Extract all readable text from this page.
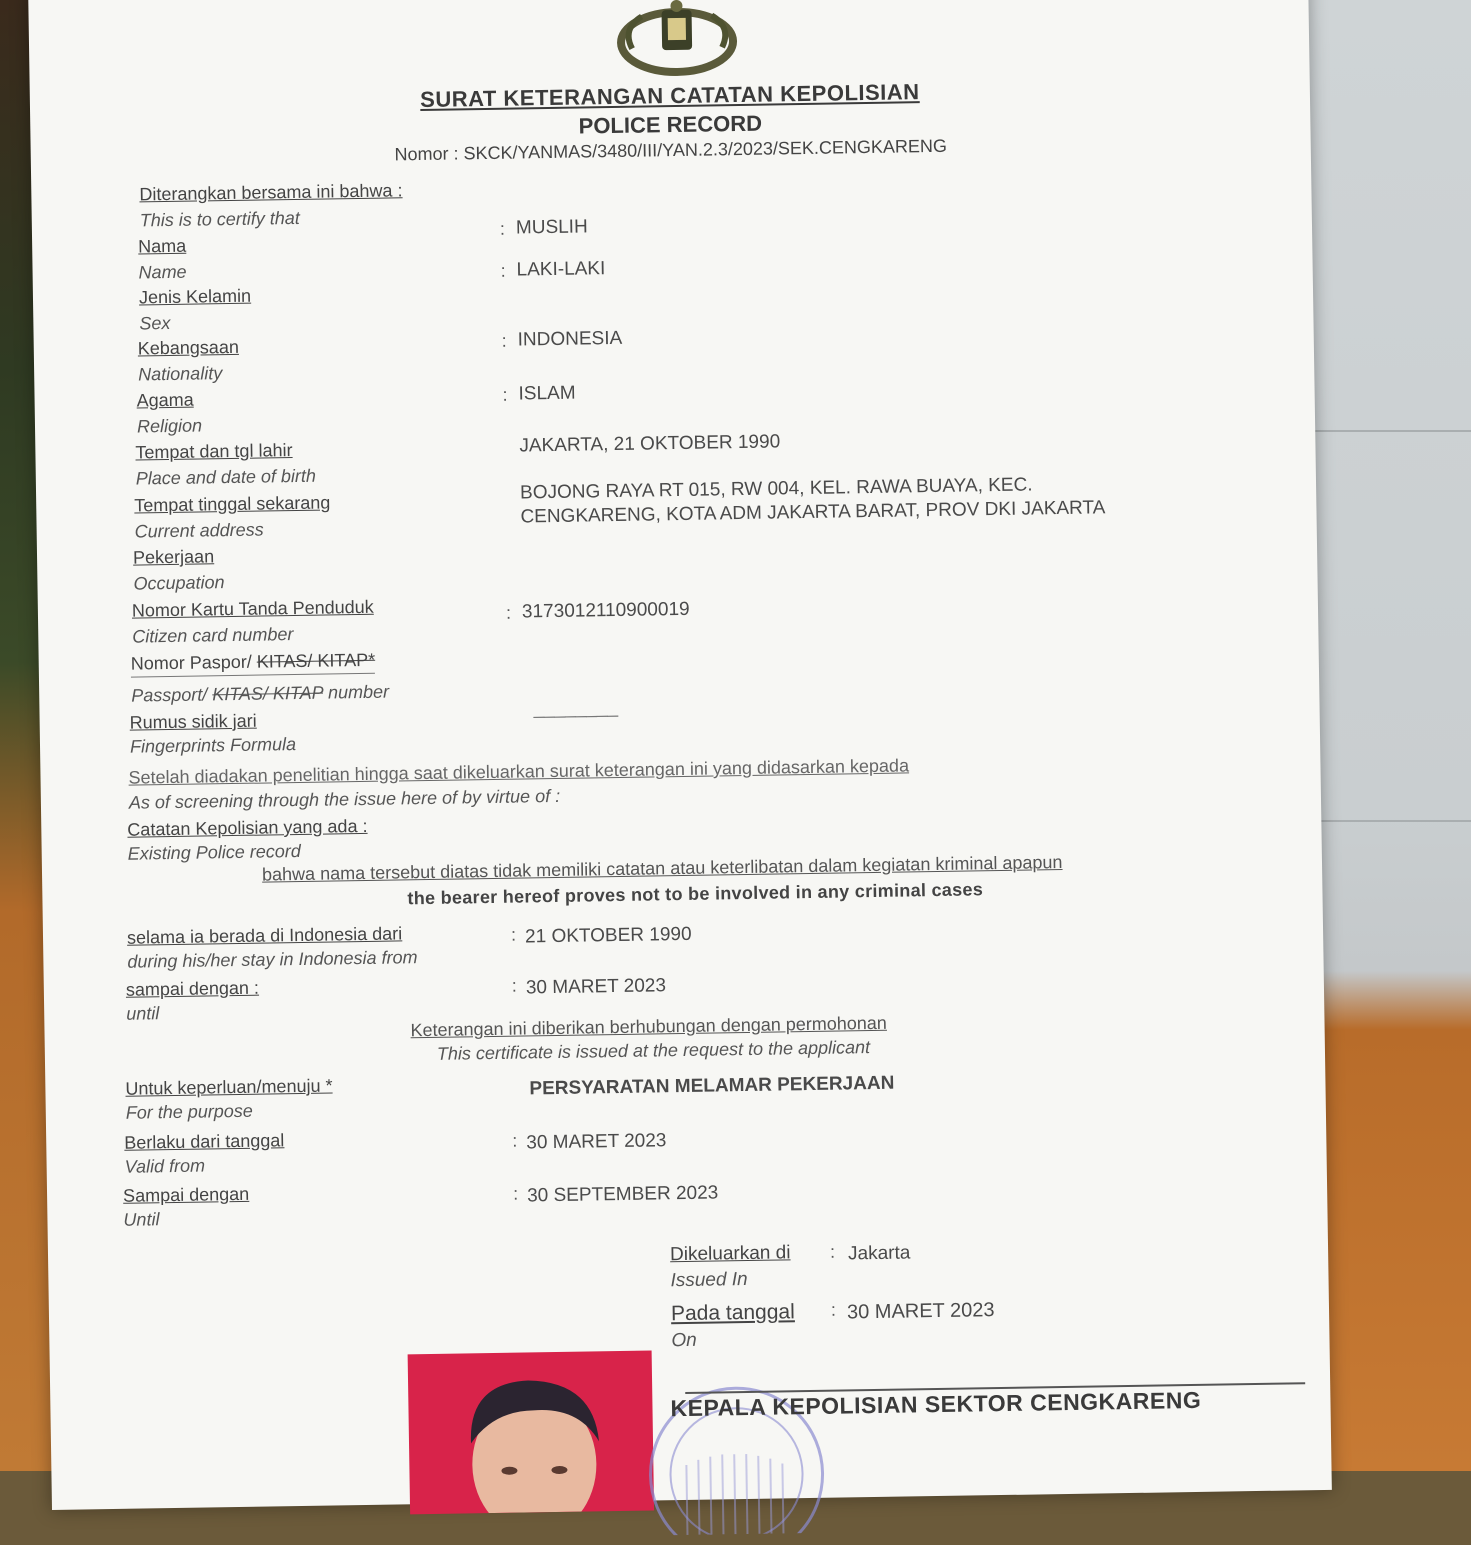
SURAT KETERANGAN CATATAN KEPOLISIAN
POLICE RECORD
Nomor : SKCK/YANMAS/3480/III/YAN.2.3/2023/SEK.CENGKARENG
Diterangkan bersama ini bahwa :
This is to certify that
Nama
Name
: MUSLIH
Jenis Kelamin
Sex
: LAKI-LAKI
Kebangsaan
Nationality
: INDONESIA
Agama
Religion
: ISLAM
Tempat dan tgl lahir
Place and date of birth
JAKARTA, 21 OKTOBER 1990
Tempat tinggal sekarang
Current address
BOJONG RAYA RT 015, RW 004, KEL. RAWA BUAYA, KEC.
CENGKARENG, KOTA ADM JAKARTA BARAT, PROV DKI JAKARTA
Pekerjaan
Occupation
Nomor Kartu Tanda Penduduk
Citizen card number
: 3173012110900019
Nomor Paspor/ KITAS/ KITAP*
Passport/ KITAS/ KITAP number
Rumus sidik jari
Fingerprints Formula
________
Setelah diadakan penelitian hingga saat dikeluarkan surat keterangan ini yang didasarkan kepada
As of screening through the issue here of by virtue of :
Catatan Kepolisian yang ada :
Existing Police record
bahwa nama tersebut diatas tidak memiliki catatan atau keterlibatan dalam kegiatan kriminal apapun
the bearer hereof proves not to be involved in any criminal cases
selama ia berada di Indonesia dari
during his/her stay in Indonesia from
: 21 OKTOBER 1990
sampai dengan :
until
: 30 MARET 2023
Keterangan ini diberikan berhubungan dengan permohonan
This certificate is issued at the request to the applicant
Untuk keperluan/menuju *
For the purpose
PERSYARATAN MELAMAR PEKERJAAN
Berlaku dari tanggal
Valid from
: 30 MARET 2023
Sampai dengan
Until
: 30 SEPTEMBER 2023
Dikeluarkan di
Issued In
: Jakarta
Pada tanggal
On
: 30 MARET 2023
KEPALA KEPOLISIAN SEKTOR CENGKARENG
